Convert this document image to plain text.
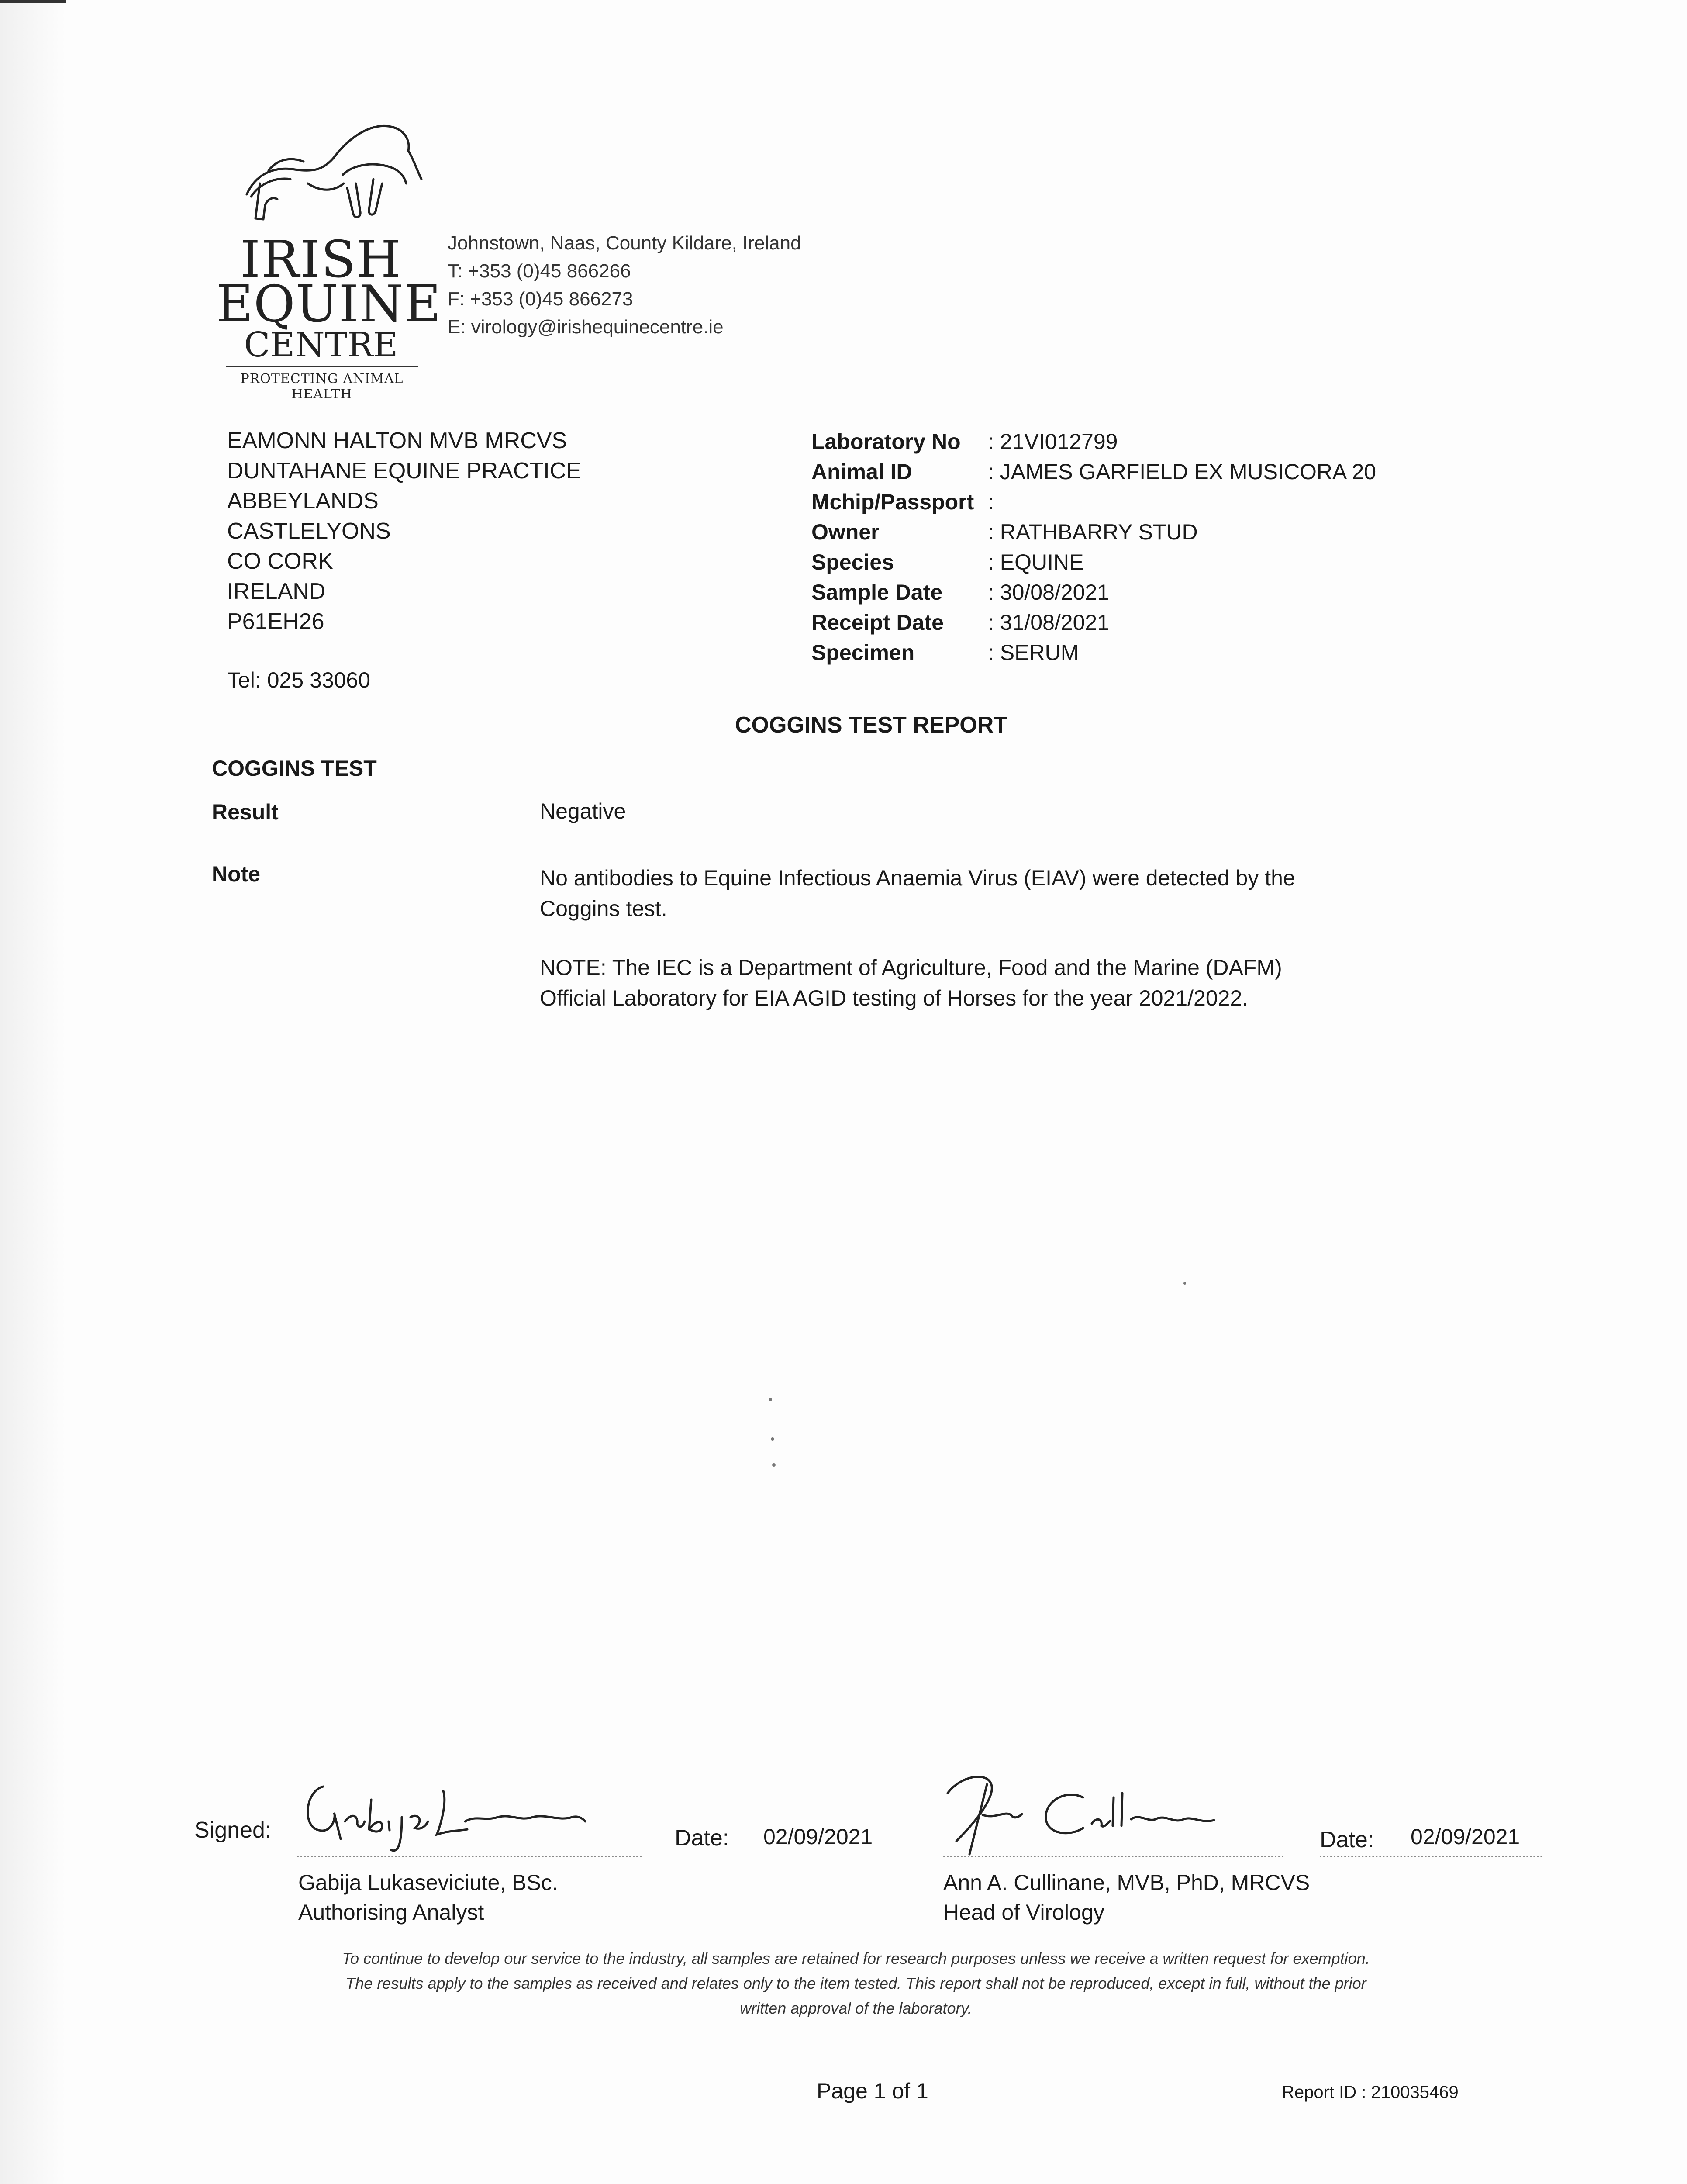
IRISH
EQUINE
CENTRE
PROTECTING ANIMAL HEALTH
Johnstown, Naas, County Kildare, Ireland
T: +353 (0)45 866266
F: +353 (0)45 866273
E: virology@irishequinecentre.ie
EAMONN HALTON MVB MRCVS
DUNTAHANE EQUINE PRACTICE
ABBEYLANDS
CASTLELYONS
CO CORK
IRELAND
P61EH26
Tel: 025 33060
Laboratory No	: 21VI012799
Animal ID	: JAMES GARFIELD EX MUSICORA 20
Mchip/Passport :
Owner	: RATHBARRY STUD
Species	: EQUINE
Sample Date	: 30/08/2021
Receipt Date	: 31/08/2021
Specimen	: SERUM
COGGINS TEST REPORT
COGGINS TEST
Result	Negative
Note	No antibodies to Equine Infectious Anaemia Virus (EIAV) were detected by the Coggins test.
NOTE: The IEC is a Department of Agriculture, Food and the Marine (DAFM) Official Laboratory for EIA AGID testing of Horses for the year 2021/2022.
Signed:
Gabija Lukaseviciute, BSc.
Authorising Analyst
Date: 02/09/2021
Ann A. Cullinane, MVB, PhD, MRCVS
Head of Virology
Date: 02/09/2021
To continue to develop our service to the industry, all samples are retained for research purposes unless we receive a written request for exemption.
The results apply to the samples as received and relates only to the item tested. This report shall not be reproduced, except in full, without the prior
written approval of the laboratory.
Page 1 of 1	Report ID : 210035469
